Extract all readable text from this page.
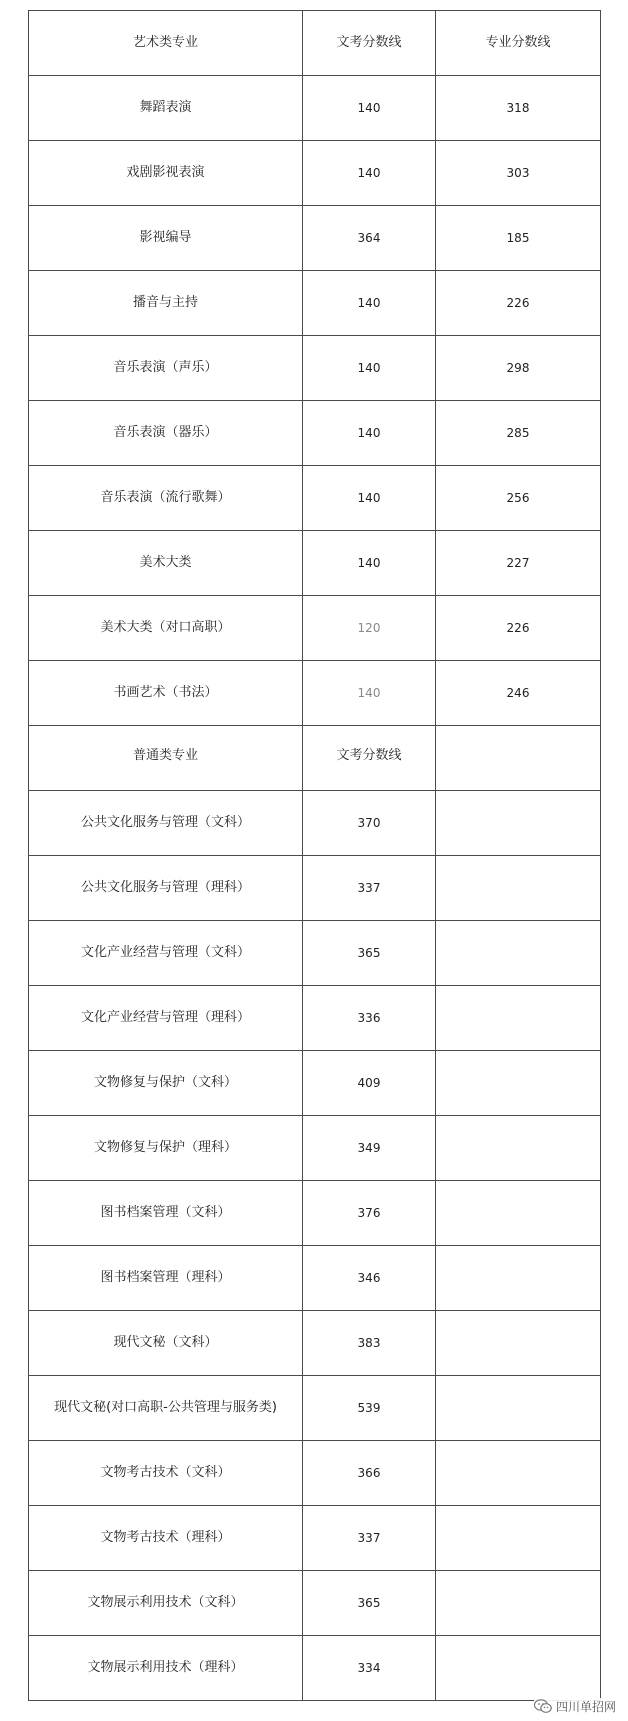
艺术类专业	文考分数线	专业分数线
舞蹈表演	140	318
戏剧影视表演	140	303
影视编导	364	185
播音与主持	140	226
音乐表演（声乐）	140	298
音乐表演（器乐）	140	285
音乐表演（流行歌舞）	140	256
美术大类	140	227
美术大类（对口高职）	120	226
书画艺术（书法）	140	246
普通类专业	文考分数线	
公共文化服务与管理（文科）	370	
公共文化服务与管理（理科）	337	
文化产业经营与管理（文科）	365	
文化产业经营与管理（理科）	336	
文物修复与保护（文科）	409	
文物修复与保护（理科）	349	
图书档案管理（文科）	376	
图书档案管理（理科）	346	
现代文秘（文科）	383	
现代文秘(对口高职-公共管理与服务类)	539	
文物考古技术（文科）	366	
文物考古技术（理科）	337	
文物展示利用技术（文科）	365	
文物展示利用技术（理科）	334	
四川单招网
